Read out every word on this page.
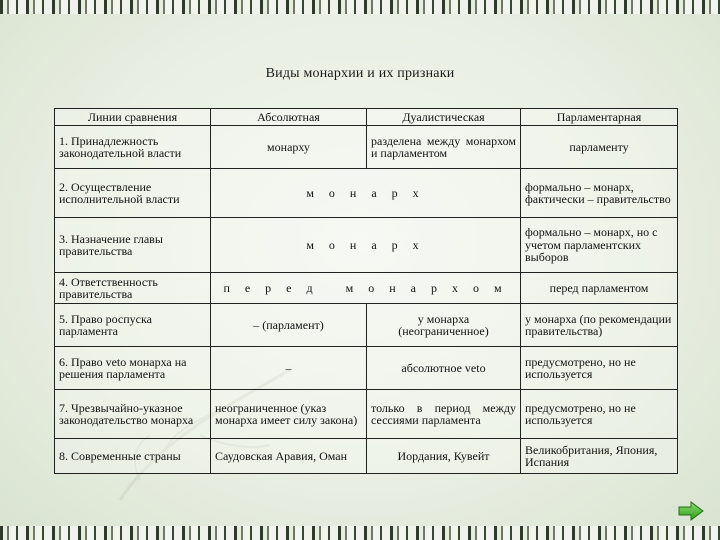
Виды монархии и их признаки
Линии сравнения	Абсолютная	Дуалистическая	Парламентарная
1. Принадлежность законодательной власти	монарху	разделена между монархом и парламентом	парламенту
2. Осуществление исполнительной власти	м о н а р х		формально – монарх, фактически – правительство
3. Назначение главы правительства	м о н а р х		формально – монарх, но с учетом парламентских выборов
4. Ответственность правительства	п е р е д   м о н а р х о м		перед парламентом
5. Право роспуска парламента	– (парламент)	у монарха (неограниченное)	у монарха (по рекомендации правительства)
6. Право veto монарха на решения парламента	–	абсолютное veto	предусмотрено, но не используется
7. Чрезвычайно-указное законодательство монарха	неограниченное (указ монарха имеет силу закона)	только в период между сессиями парламента	предусмотрено, но не используется
8. Современные страны	Саудовская Аравия, Оман	Иордания, Кувейт	Великобритания, Япония, Испания
